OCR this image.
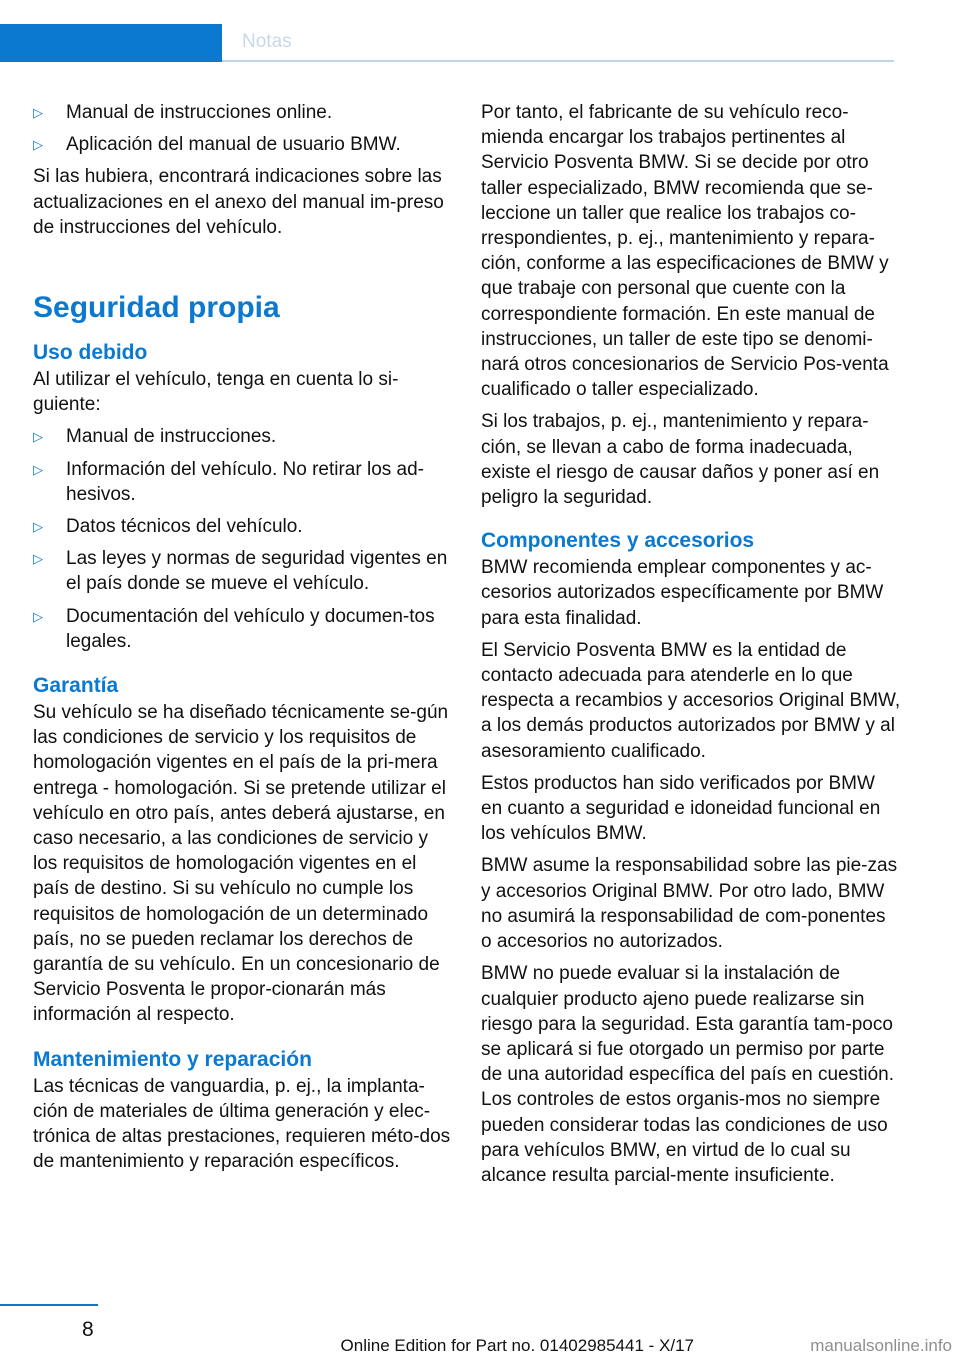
Notas
▷ Manual de instrucciones online.
▷ Aplicación del manual de usuario BMW.

Si las hubiera, encontrará indicaciones sobre las actualizaciones en el anexo del manual im-preso de instrucciones del vehículo.

Seguridad propia
Uso debido

Al utilizar el vehículo, tenga en cuenta lo si-guiente:

▷ Manual de instrucciones.
▷ Información del vehículo. No retirar los ad-hesivos.
▷ Datos técnicos del vehículo.
▷ Las leyes y normas de seguridad vigentes en el país donde se mueve el vehículo.
▷ Documentación del vehículo y documen-tos legales.
Garantía

Su vehículo se ha diseñado técnicamente se-gún las condiciones de servicio y los requisitos de homologación vigentes en el país de la pri-mera entrega - homologación. Si se pretende utilizar el vehículo en otro país, antes deberá ajustarse, en caso necesario, a las condiciones de servicio y los requisitos de homologación vigentes en el país de destino. Si su vehículo no cumple los requisitos de homologación de un determinado país, no se pueden reclamar los derechos de garantía de su vehículo. En un concesionario de Servicio Posventa le propor-cionarán más información al respecto.

Mantenimiento y reparación

Las técnicas de vanguardia, p. ej., la implanta-ción de materiales de última generación y elec-trónica de altas prestaciones, requieren méto-dos de mantenimiento y reparación específicos.

Por tanto, el fabricante de su vehículo reco-mienda encargar los trabajos pertinentes al Servicio Posventa BMW. Si se decide por otro taller especializado, BMW recomienda que se-leccione un taller que realice los trabajos co-rrespondientes, p. ej., mantenimiento y repara-ción, conforme a las especificaciones de BMW y que trabaje con personal que cuente con la correspondiente formación. En este manual de instrucciones, un taller de este tipo se denomi-nará otros concesionarios de Servicio Pos-venta cualificado o taller especializado.

Si los trabajos, p. ej., mantenimiento y repara-ción, se llevan a cabo de forma inadecuada, existe el riesgo de causar daños y poner así en peligro la seguridad.

Componentes y accesorios

BMW recomienda emplear componentes y ac-cesorios autorizados específicamente por BMW para esta finalidad.

El Servicio Posventa BMW es la entidad de contacto adecuada para atenderle en lo que respecta a recambios y accesorios Original BMW, a los demás productos autorizados por BMW y al asesoramiento cualificado.

Estos productos han sido verificados por BMW en cuanto a seguridad e idoneidad funcional en los vehículos BMW.

BMW asume la responsabilidad sobre las pie-zas y accesorios Original BMW. Por otro lado, BMW no asumirá la responsabilidad de com-ponentes o accesorios no autorizados.

BMW no puede evaluar si la instalación de cualquier producto ajeno puede realizarse sin riesgo para la seguridad. Esta garantía tam-poco se aplicará si fue otorgado un permiso por parte de una autoridad específica del país en cuestión. Los controles de estos organis-mos no siempre pueden considerar todas las condiciones de uso para vehículos BMW, en virtud de lo cual su alcance resulta parcial-mente insuficiente.

8
Online Edition for Part no. 01402985441 - X/17	manualsonline.info
